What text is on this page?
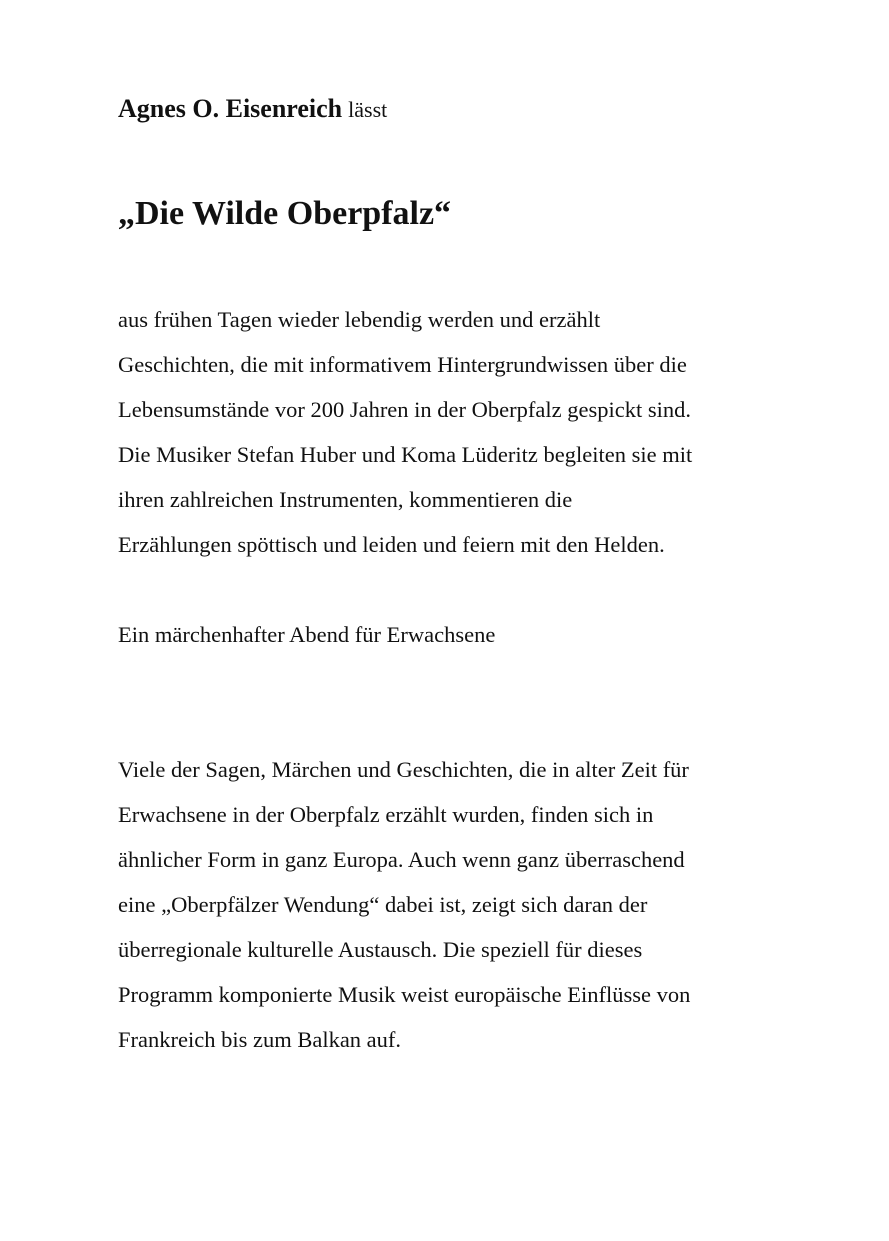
Agnes O. Eisenreich lässt

„Die Wilde Oberpfalz“
aus frühen Tagen wieder lebendig werden und erzählt
Geschichten, die mit informativem Hintergrundwissen über die
Lebensumstände vor 200 Jahren in der Oberpfalz gespickt sind.
Die Musiker Stefan Huber und Koma Lüderitz begleiten sie mit
ihren zahlreichen Instrumenten, kommentieren die
Erzählungen spöttisch und leiden und feiern mit den Helden.
Ein märchenhafter Abend für Erwachsene
Viele der Sagen, Märchen und Geschichten, die in alter Zeit für
Erwachsene in der Oberpfalz erzählt wurden, finden sich in
ähnlicher Form in ganz Europa. Auch wenn ganz überraschend
eine „Oberpfälzer Wendung“ dabei ist, zeigt sich daran der
überregionale kulturelle Austausch. Die speziell für dieses
Programm komponierte Musik weist europäische Einflüsse von
Frankreich bis zum Balkan auf.
